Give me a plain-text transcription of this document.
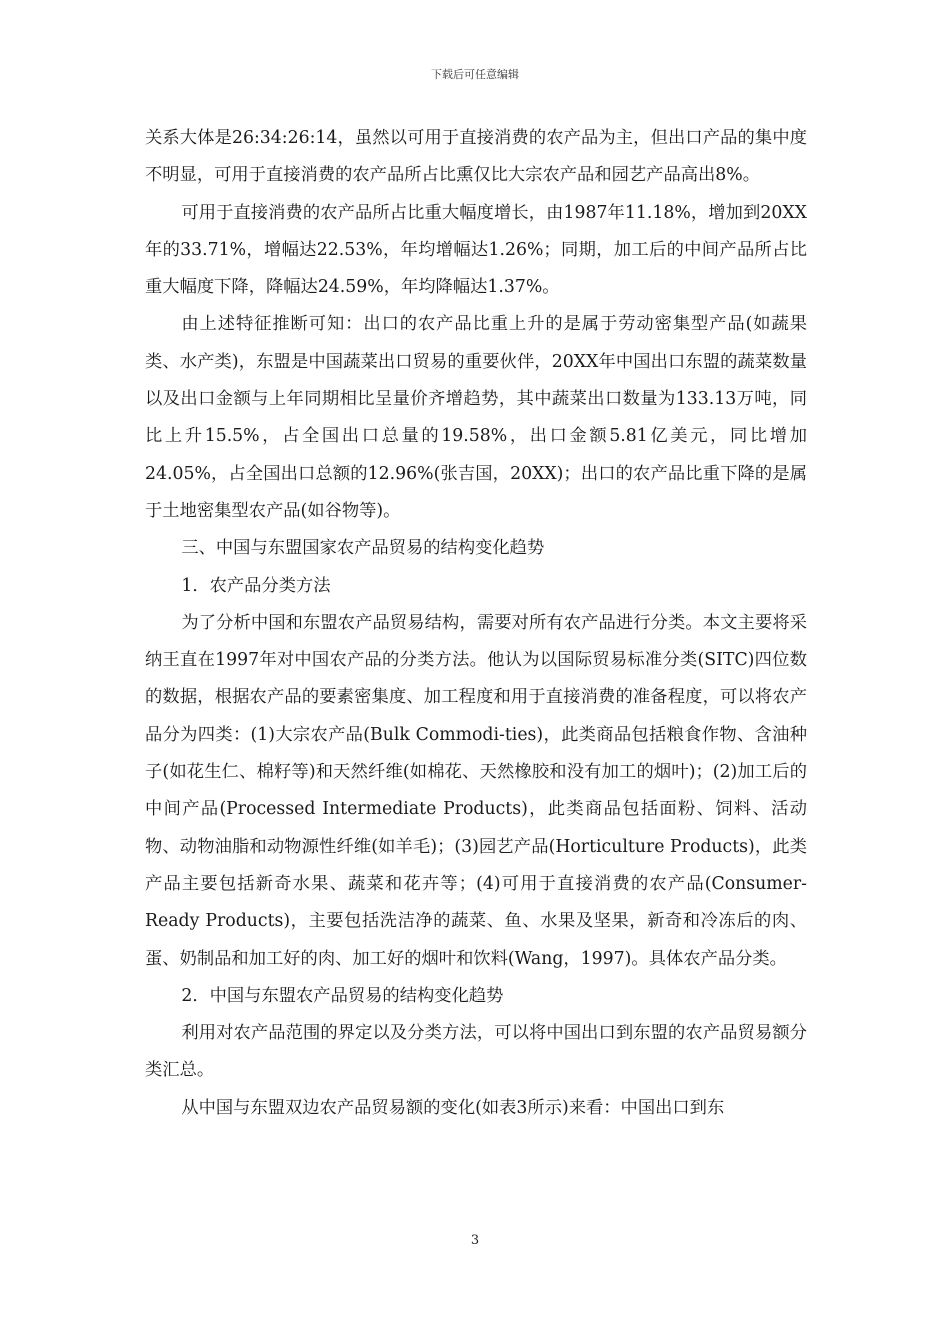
下载后可任意编辑

关系大体是26:34:26:14，虽然以可用于直接消费的农产品为主，但出口产品的集中度不明显，可用于直接消费的农产品所占比熏仅比大宗农产品和园艺产品高出8%。

可用于直接消费的农产品所占比重大幅度增长，由1987年11.18%，增加到20XX年的33.71%，增幅达22.53%，年均增幅达1.26%；同期，加工后的中间产品所占比重大幅度下降，降幅达24.59%，年均降幅达1.37%。

由上述特征推断可知：出口的农产品比重上升的是属于劳动密集型产品(如蔬果类、水产类)，东盟是中国蔬菜出口贸易的重要伙伴，20XX年中国出口东盟的蔬菜数量以及出口金额与上年同期相比呈量价齐增趋势，其中蔬菜出口数量为133.13万吨，同比上升15.5%，占全国出口总量的19.58%，出口金额5.81亿美元，同比增加24.05%，占全国出口总额的12.96%(张吉国，20XX)；出口的农产品比重下降的是属于土地密集型农产品(如谷物等)。

三、中国与东盟国家农产品贸易的结构变化趋势

1．农产品分类方法

为了分析中国和东盟农产品贸易结构，需要对所有农产品进行分类。本文主要将采纳王直在1997年对中国农产品的分类方法。他认为以国际贸易标准分类(SITC)四位数的数据，根据农产品的要素密集度、加工程度和用于直接消费的准备程度，可以将农产品分为四类：(1)大宗农产品(Bulk Commodi-ties)，此类商品包括粮食作物、含油种子(如花生仁、棉籽等)和天然纤维(如棉花、天然橡胶和没有加工的烟叶)；(2)加工后的中间产品(Processed Intermediate Products)，此类商品包括面粉、饲料、活动物、动物油脂和动物源性纤维(如羊毛)；(3)园艺产品(Horticulture Products)，此类产品主要包括新奇水果、蔬菜和花卉等；(4)可用于直接消费的农产品(Consumer-Ready Products)，主要包括洗洁净的蔬菜、鱼、水果及坚果，新奇和冷冻后的肉、蛋、奶制品和加工好的肉、加工好的烟叶和饮料(Wang，1997)。具体农产品分类。

2．中国与东盟农产品贸易的结构变化趋势

利用对农产品范围的界定以及分类方法，可以将中国出口到东盟的农产品贸易额分类汇总。

从中国与东盟双边农产品贸易额的变化(如表3所示)来看：中国出口到东

3
